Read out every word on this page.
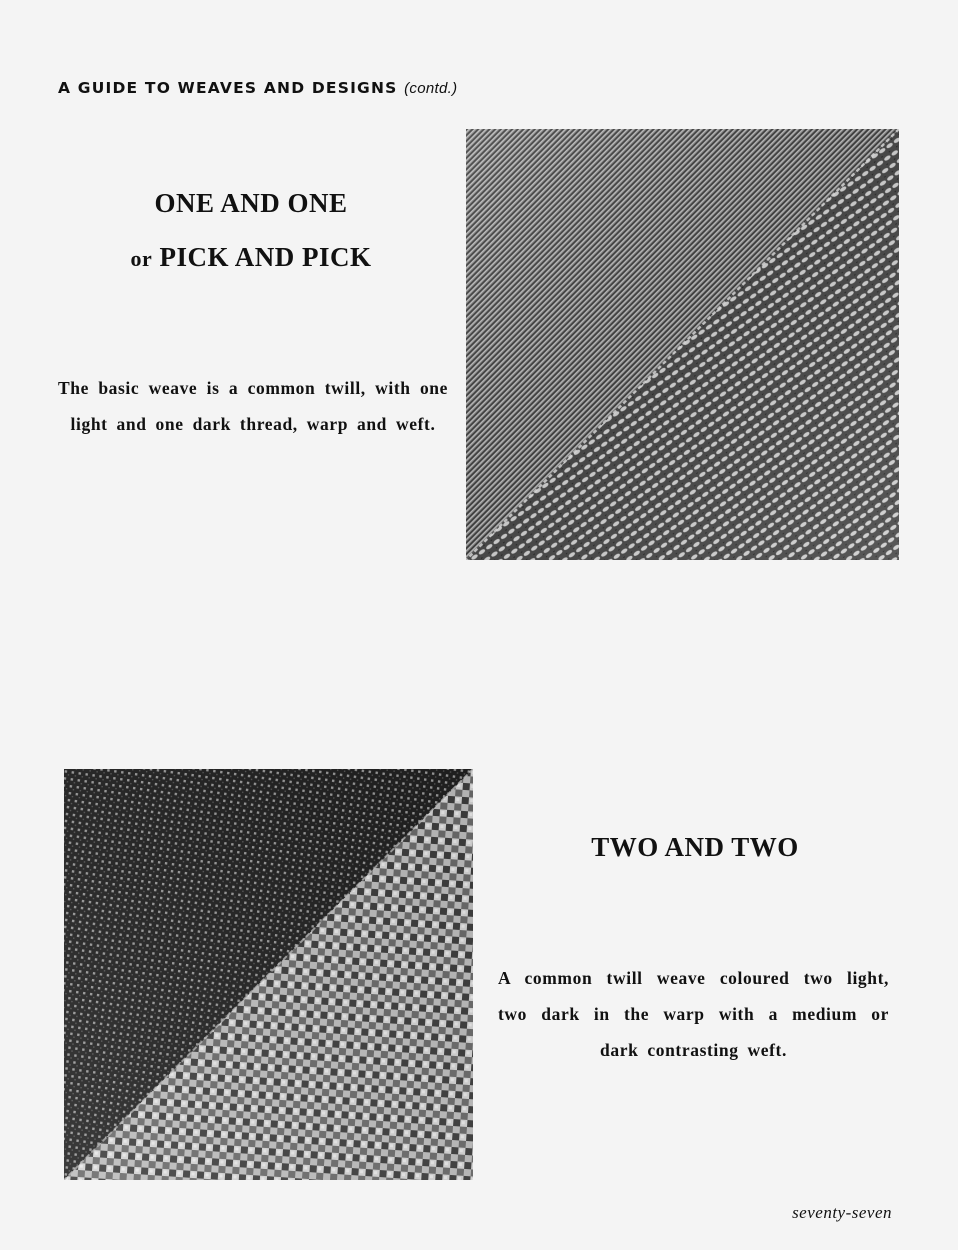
A GUIDE TO WEAVES AND DESIGNS (contd.)
ONE AND ONE
or PICK AND PICK
The basic weave is a common twill, with one light and one dark thread, warp and weft.
TWO AND TWO
A common twill weave coloured two light, two dark in the warp with a medium or dark contrasting weft.
seventy-seven
